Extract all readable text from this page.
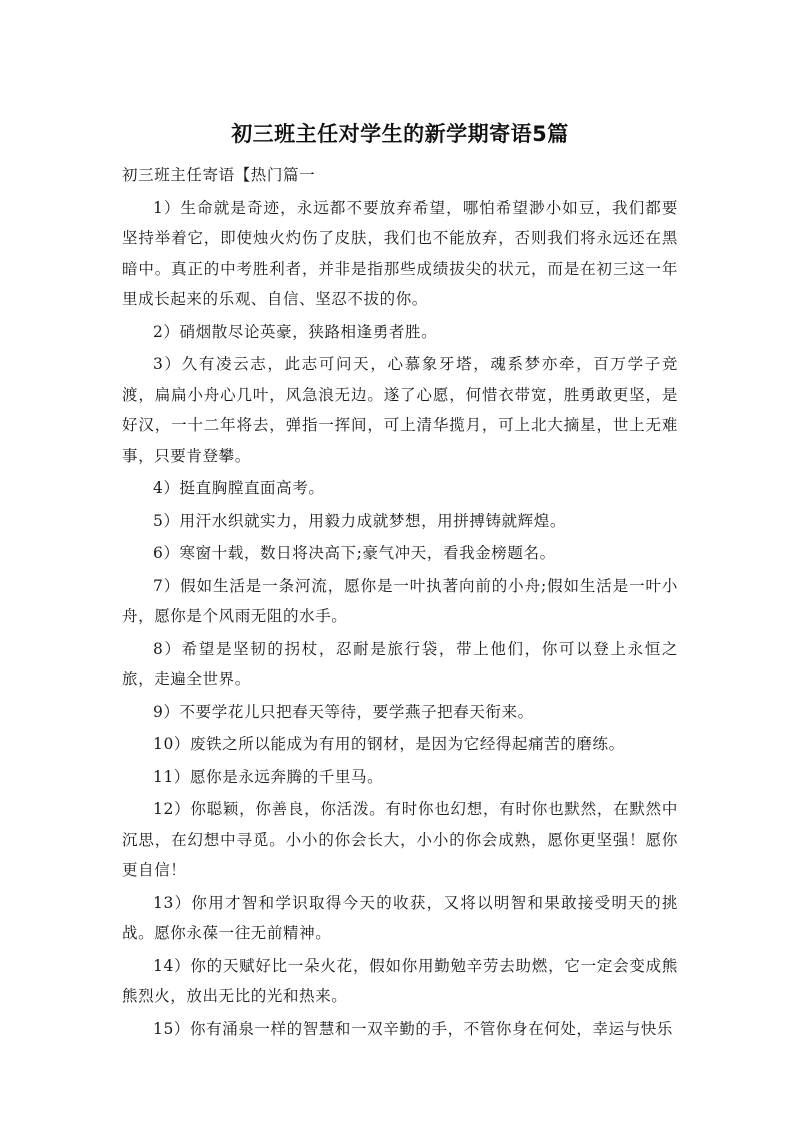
初三班主任对学生的新学期寄语5篇

初三班主任寄语【热门篇一

1）生命就是奇迹，永远都不要放弃希望，哪怕希望渺小如豆，我们都要坚持举着它，即使烛火灼伤了皮肤，我们也不能放弃，否则我们将永远还在黑暗中。真正的中考胜利者，并非是指那些成绩拔尖的状元，而是在初三这一年里成长起来的乐观、自信、坚忍不拔的你。

2）硝烟散尽论英豪，狭路相逢勇者胜。

3）久有凌云志，此志可问天，心慕象牙塔，魂系梦亦牵，百万学子竞渡，扁扁小舟心几叶，风急浪无边。遂了心愿，何惜衣带宽，胜勇敢更坚，是好汉，一十二年将去，弹指一挥间，可上清华揽月，可上北大摘星，世上无难事，只要肯登攀。

4）挺直胸膛直面高考。

5）用汗水织就实力，用毅力成就梦想，用拼搏铸就辉煌。

6）寒窗十载，数日将决高下;豪气冲天，看我金榜题名。

7）假如生活是一条河流，愿你是一叶执著向前的小舟;假如生活是一叶小舟，愿你是个风雨无阻的水手。

8）希望是坚韧的拐杖，忍耐是旅行袋，带上他们，你可以登上永恒之旅，走遍全世界。

9）不要学花儿只把春天等待，要学燕子把春天衔来。

10）废铁之所以能成为有用的钢材，是因为它经得起痛苦的磨练。

11）愿你是永远奔腾的千里马。

12）你聪颖，你善良，你活泼。有时你也幻想，有时你也默然，在默然中沉思，在幻想中寻觅。小小的你会长大，小小的你会成熟，愿你更坚强！愿你更自信！

13）你用才智和学识取得今天的收获，又将以明智和果敢接受明天的挑战。愿你永葆一往无前精神。

14）你的天赋好比一朵火花，假如你用勤勉辛劳去助燃，它一定会变成熊熊烈火，放出无比的光和热来。

15）你有涌泉一样的智慧和一双辛勤的手，不管你身在何处，幸运与快乐
